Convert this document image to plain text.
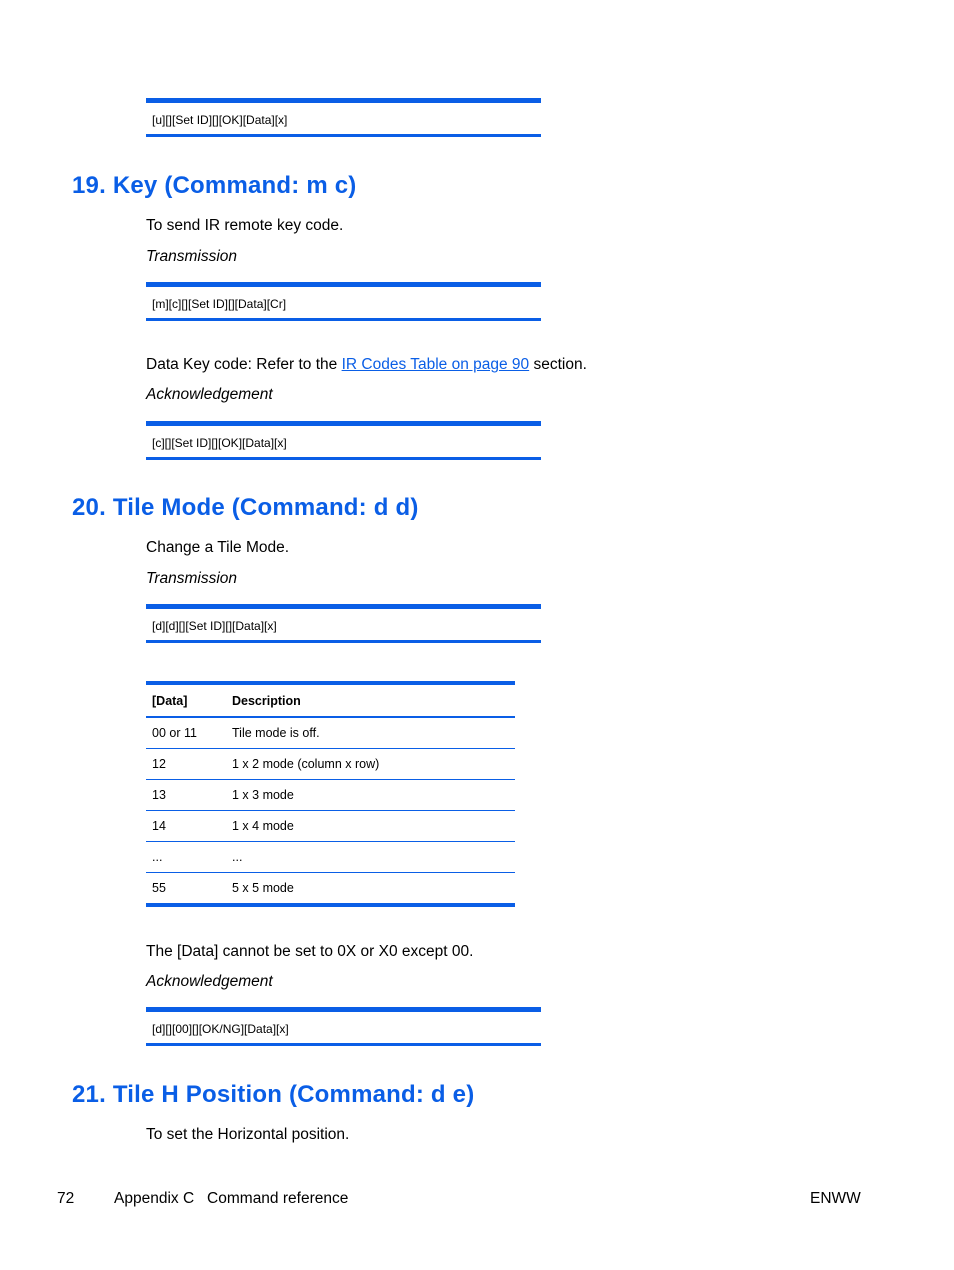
[u][][Set ID][][OK][Data][x]
19. Key (Command: m c)
To send IR remote key code.
Transmission
[m][c][][Set ID][][Data][Cr]
Data Key code: Refer to the IR Codes Table on page 90 section.
Acknowledgement
[c][][Set ID][][OK][Data][x]
20. Tile Mode (Command: d d)
Change a Tile Mode.
Transmission
[d][d][][Set ID][][Data][x]
[Data]	Description
00 or 11	Tile mode is off.
12	1 x 2 mode (column x row)
13	1 x 3 mode
14	1 x 4 mode
...	...
55	5 x 5 mode
The [Data] cannot be set to 0X or X0 except 00.
Acknowledgement
[d][][00][][OK/NG][Data][x]
21. Tile H Position (Command: d e)
To set the Horizontal position.
72	Appendix C   Command reference	ENWW
